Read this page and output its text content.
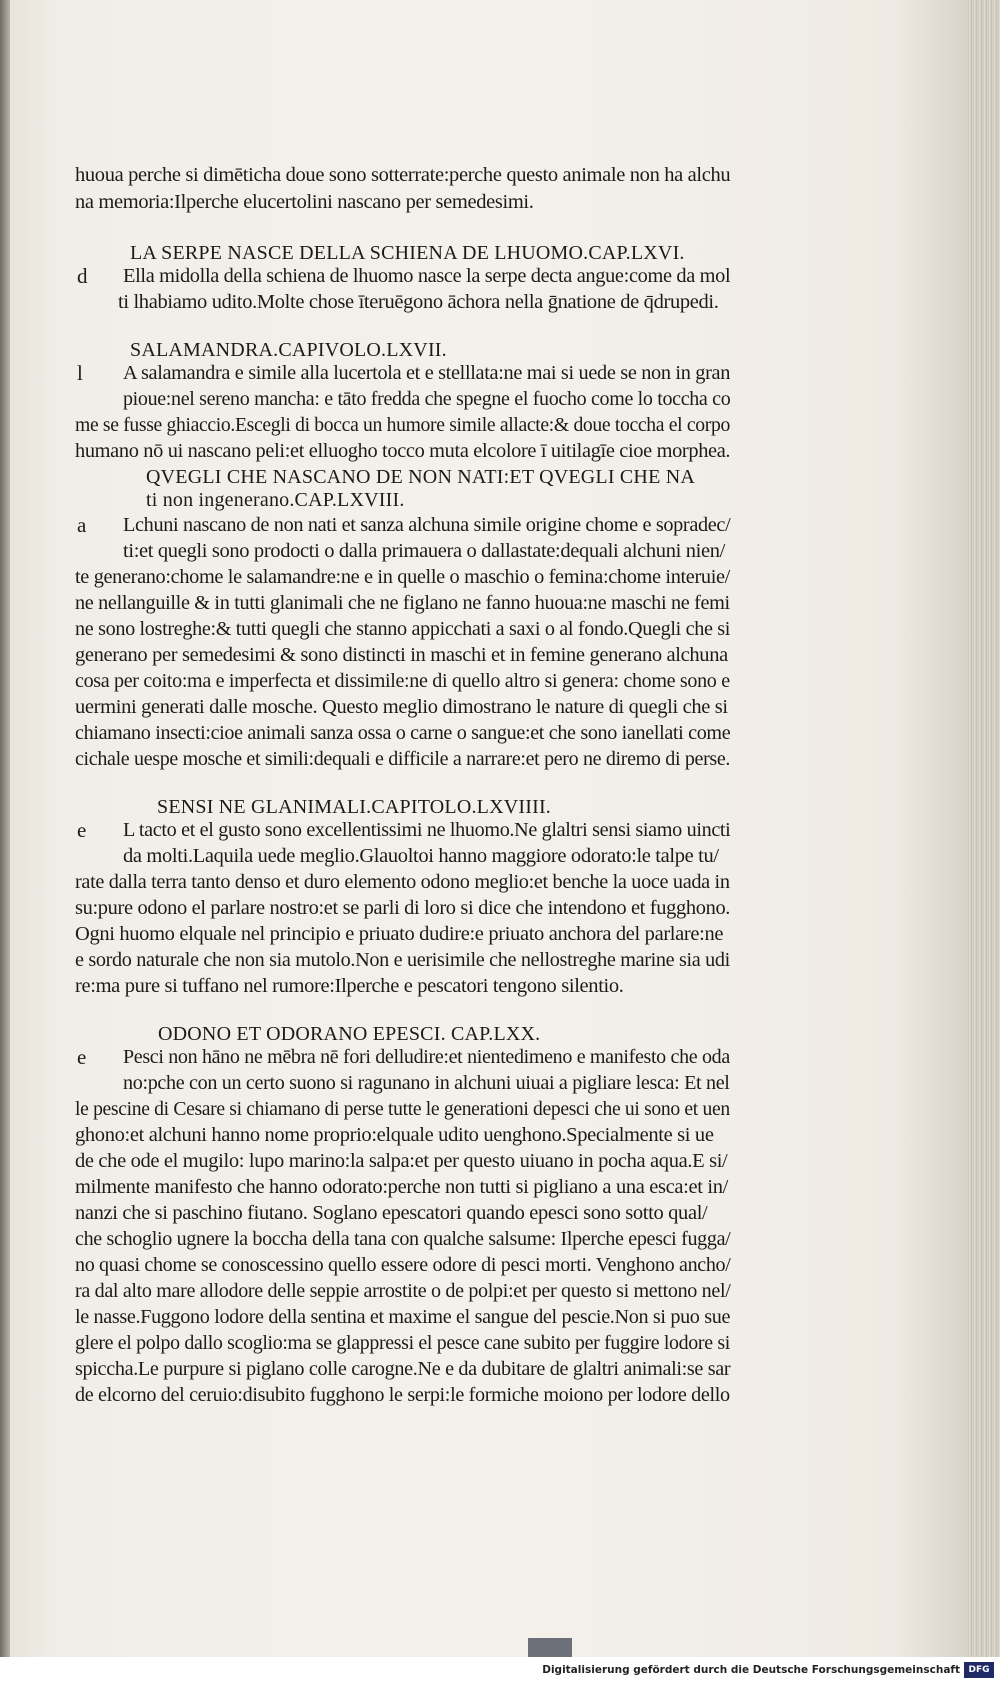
huoua perche si dimēticha doue sono sotterrate:perche questo animale non ha alchu
na memoria:Ilperche elucertolini nascano per semedesimi.
LA SERPE NASCE DELLA SCHIENA DE LHUOMO.CAP.LXVI.
d Ella midolla della schiena de lhuomo nasce la serpe decta angue:come da mol
ti lhabiamo udito.Molte chose īteruēgono āchora nella ḡnatione de q̄drupedi.
SALAMANDRA.CAPIVOLO.LXVII.
l A salamandra e simile alla lucertola et e stelllata:ne mai si uede se non in gran
pioue:nel sereno mancha: e tāto fredda che spegne el fuocho come lo toccha co
me se fusse ghiaccio.Escegli di bocca un humore simile allacte:& doue toccha el corpo
humano nō ui nascano peli:et elluogho tocco muta elcolore ī uitilagīe cioe morphea.
QVEGLI CHE NASCANO DE NON NATI:ET QVEGLI CHE NA
ti non ingenerano.CAP.LXVIII.
a Lchuni nascano de non nati et sanza alchuna simile origine chome e sopradec/
ti:et quegli sono prodocti o dalla primauera o dallastate:dequali alchuni nien/
te generano:chome le salamandre:ne e in quelle o maschio o femina:chome interuie/
ne nellanguille & in tutti glanimali che ne figlano ne fanno huoua:ne maschi ne femi
ne sono lostreghe:& tutti quegli che stanno appicchati a saxi o al fondo.Quegli che si
generano per semedesimi & sono distincti in maschi et in femine generano alchuna
cosa per coito:ma e imperfecta et dissimile:ne di quello altro si genera: chome sono e
uermini generati dalle mosche. Questo meglio dimostrano le nature di quegli che si
chiamano insecti:cioe animali sanza ossa o carne o sangue:et che sono ianellati come
cichale uespe mosche et simili:dequali e difficile a narrare:et pero ne diremo di perse.
SENSI NE GLANIMALI.CAPITOLO.LXVIIII.
e L tacto et el gusto sono excellentissimi ne lhuomo.Ne glaltri sensi siamo uincti
da molti.Laquila uede meglio.Glauoltoi hanno maggiore odorato:le talpe tu/
rate dalla terra tanto denso et duro elemento odono meglio:et benche la uoce uada in
su:pure odono el parlare nostro:et se parli di loro si dice che intendono et fugghono.
Ogni huomo elquale nel principio e priuato dudire:e priuato anchora del parlare:ne
e sordo naturale che non sia mutolo.Non e uerisimile che nellostreghe marine sia udi
re:ma pure si tuffano nel rumore:Ilperche e pescatori tengono silentio.
ODONO ET ODORANO EPESCI. CAP.LXX.
e Pesci non hāno ne mēbra nē fori delludire:et nientedimeno e manifesto che oda
no:pche con un certo suono si ragunano in alchuni uiuai a pigliare lesca: Et nel
le pescine di Cesare si chiamano di perse tutte le generationi depesci che ui sono et uen
ghono:et alchuni hanno nome proprio:elquale udito uenghono.Specialmente si ue
de che ode el mugilo: lupo marino:la salpa:et per questo uiuano in pocha aqua.E si/
milmente manifesto che hanno odorato:perche non tutti si pigliano a una esca:et in/
nanzi che si paschino fiutano. Soglano epescatori quando epesci sono sotto qual/
che schoglio ugnere la boccha della tana con qualche salsume: Ilperche epesci fugga/
no quasi chome se conoscessino quello essere odore di pesci morti. Venghono ancho/
ra dal alto mare allodore delle seppie arrostite o de polpi:et per questo si mettono nel/
le nasse.Fuggono lodore della sentina et maxime el sangue del pescie.Non si puo sue
glere el polpo dallo scoglio:ma se glappressi el pesce cane subito per fuggire lodore si
spiccha.Le purpure si piglano colle carogne.Ne e da dubitare de glaltri animali:se sar
de elcorno del ceruio:disubito fugghono le serpi:le formiche moiono per lodore dello
Digitalisierung gefördert durch die Deutsche Forschungsgemeinschaft DFG
